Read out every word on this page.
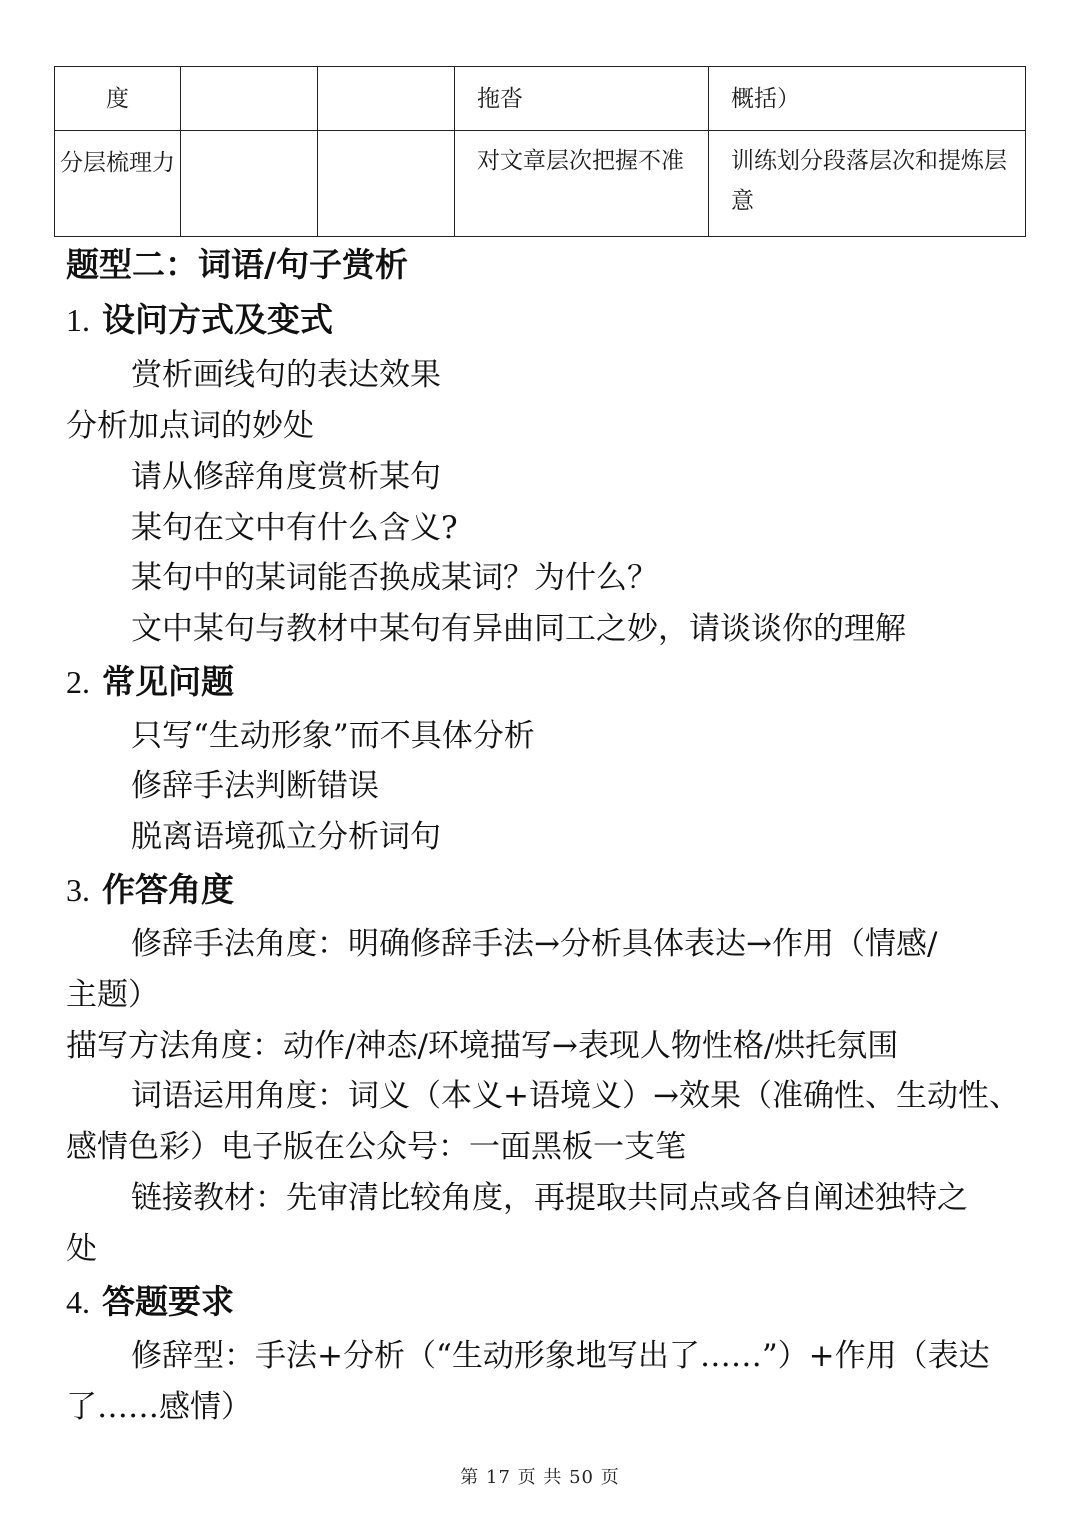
度			拖沓	概括）
分层梳理力			对文章层次把握不准	训练划分段落层次和提炼层意
题型二：词语/句子赏析
1. 设问方式及变式
赏析画线句的表达效果
分析加点词的妙处
请从修辞角度赏析某句
某句在文中有什么含义?
某句中的某词能否换成某词？为什么？
文中某句与教材中某句有异曲同工之妙，请谈谈你的理解
2. 常见问题
只写“生动形象”而不具体分析
修辞手法判断错误
脱离语境孤立分析词句
3. 作答角度
修辞手法角度：明确修辞手法→分析具体表达→作用（情感/
主题）
描写方法角度：动作/神态/环境描写→表现人物性格/烘托氛围
词语运用角度：词义（本义+语境义）→效果（准确性、生动性、
感情色彩）电子版在公众号：一面黑板一支笔
链接教材：先审清比较角度，再提取共同点或各自阐述独特之
处
4. 答题要求
修辞型：手法+分析（“生动形象地写出了……”）+作用（表达
了……感情）
第 17 页 共 50 页
